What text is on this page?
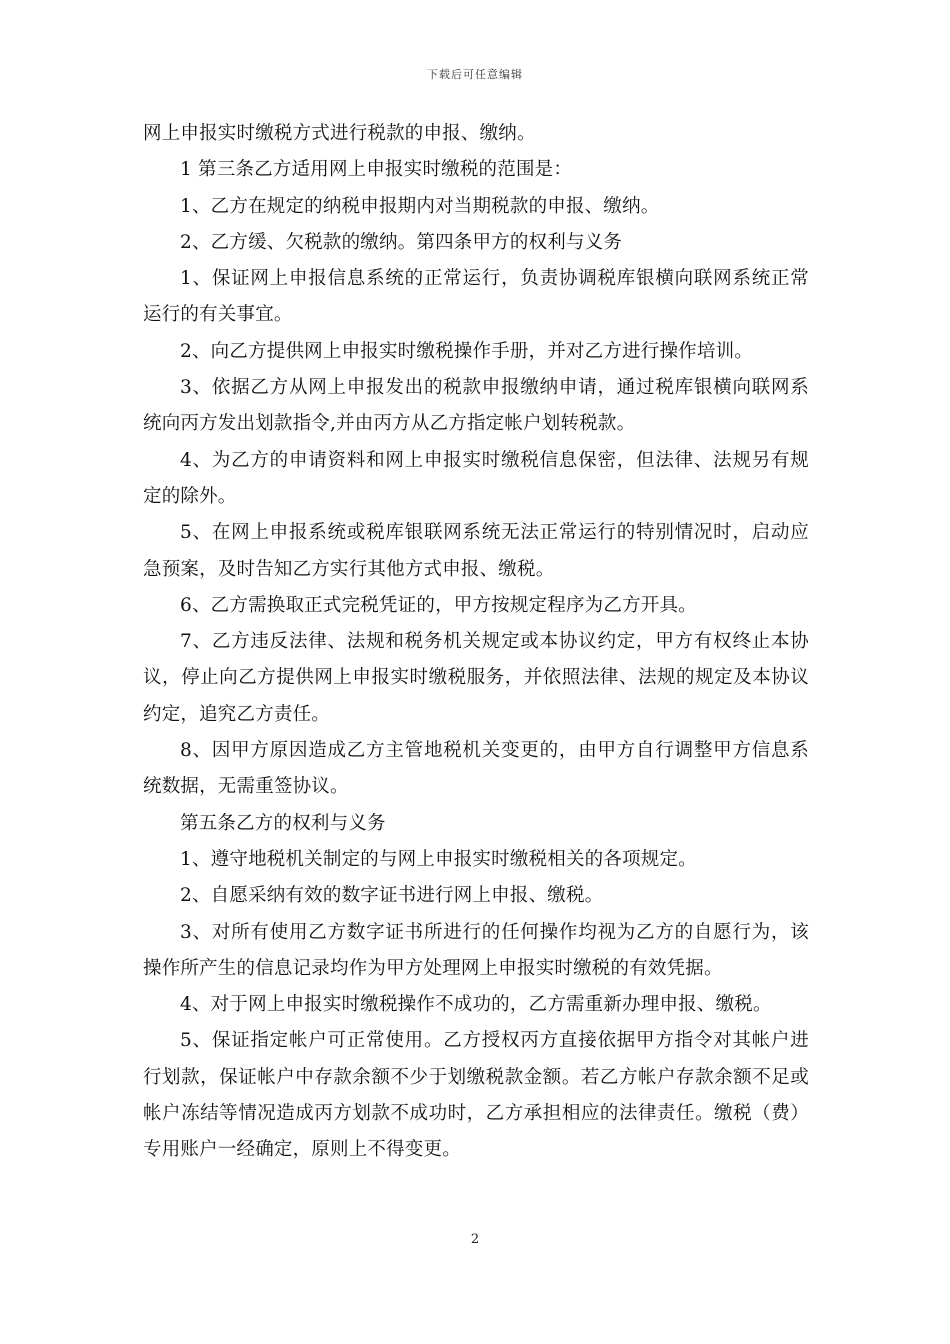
下载后可任意编辑

网上申报实时缴税方式进行税款的申报、缴纳。

1 第三条乙方适用网上申报实时缴税的范围是：

1、乙方在规定的纳税申报期内对当期税款的申报、缴纳。

2、乙方缓、欠税款的缴纳。第四条甲方的权利与义务

1、保证网上申报信息系统的正常运行，负责协调税库银横向联网系统正常运行的有关事宜。

2、向乙方提供网上申报实时缴税操作手册，并对乙方进行操作培训。

3、依据乙方从网上申报发出的税款申报缴纳申请，通过税库银横向联网系统向丙方发出划款指令,并由丙方从乙方指定帐户划转税款。

4、为乙方的申请资料和网上申报实时缴税信息保密，但法律、法规另有规定的除外。

5、在网上申报系统或税库银联网系统无法正常运行的特别情况时，启动应急预案，及时告知乙方实行其他方式申报、缴税。

6、乙方需换取正式完税凭证的，甲方按规定程序为乙方开具。

7、乙方违反法律、法规和税务机关规定或本协议约定，甲方有权终止本协议，停止向乙方提供网上申报实时缴税服务，并依照法律、法规的规定及本协议约定，追究乙方责任。

8、因甲方原因造成乙方主管地税机关变更的，由甲方自行调整甲方信息系统数据，无需重签协议。

第五条乙方的权利与义务

1、遵守地税机关制定的与网上申报实时缴税相关的各项规定。

2、自愿采纳有效的数字证书进行网上申报、缴税。

3、对所有使用乙方数字证书所进行的任何操作均视为乙方的自愿行为，该操作所产生的信息记录均作为甲方处理网上申报实时缴税的有效凭据。

4、对于网上申报实时缴税操作不成功的，乙方需重新办理申报、缴税。

5、保证指定帐户可正常使用。乙方授权丙方直接依据甲方指令对其帐户进行划款，保证帐户中存款余额不少于划缴税款金额。若乙方帐户存款余额不足或帐户冻结等情况造成丙方划款不成功时，乙方承担相应的法律责任。缴税（费）专用账户一经确定，原则上不得变更。

2
